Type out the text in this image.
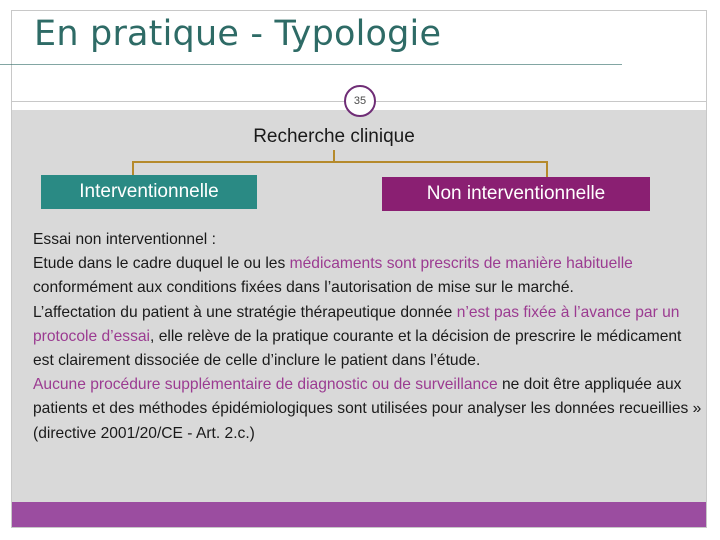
En pratique - Typologie
35
Recherche clinique
Interventionnelle	Non interventionnelle

Essai non interventionnel :

Etude dans le cadre duquel le ou les médicaments sont prescrits de manière habituelle conformément aux conditions fixées dans l’autorisation de mise sur le marché.

L’affectation du patient à une stratégie thérapeutique donnée n’est pas fixée à l’avance par un protocole d’essai, elle relève de la pratique courante et la décision de prescrire le médicament est clairement dissociée de celle d’inclure le patient dans l’étude.

Aucune procédure supplémentaire de diagnostic ou de surveillance ne doit être appliquée aux patients et des méthodes épidémiologiques sont utilisées pour analyser les données recueillies » (directive 2001/20/CE - Art. 2.c.)
